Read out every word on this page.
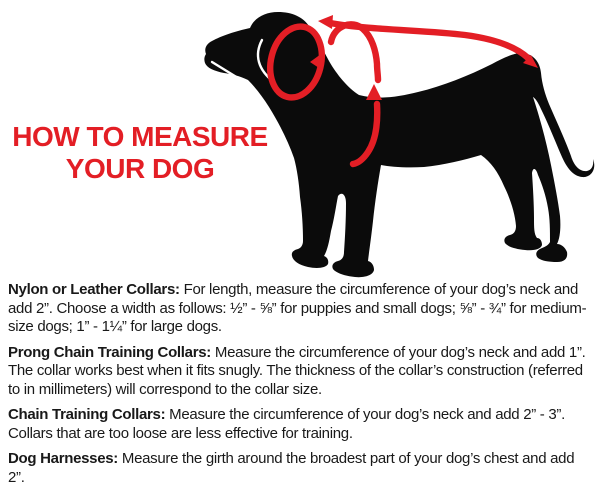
HOW TO MEASURE
YOUR DOG

Nylon or Leather Collars: For length, measure the circumference of your dog’s neck and add 2”. Choose a width as follows: ½” - ⅝” for puppies and small dogs; ⅝” - ¾” for medium-size dogs; 1” - 1¼” for large dogs.

Prong Chain Training Collars: Measure the circumference of your dog’s neck and add 1”. The collar works best when it fits snugly. The thickness of the collar’s construction (referred to in millimeters) will correspond to the collar size.

Chain Training Collars: Measure the circumference of your dog’s neck and add 2” - 3”. Collars that are too loose are less effective for training.

Dog Harnesses: Measure the girth around the broadest part of your dog’s chest and add 2”.
